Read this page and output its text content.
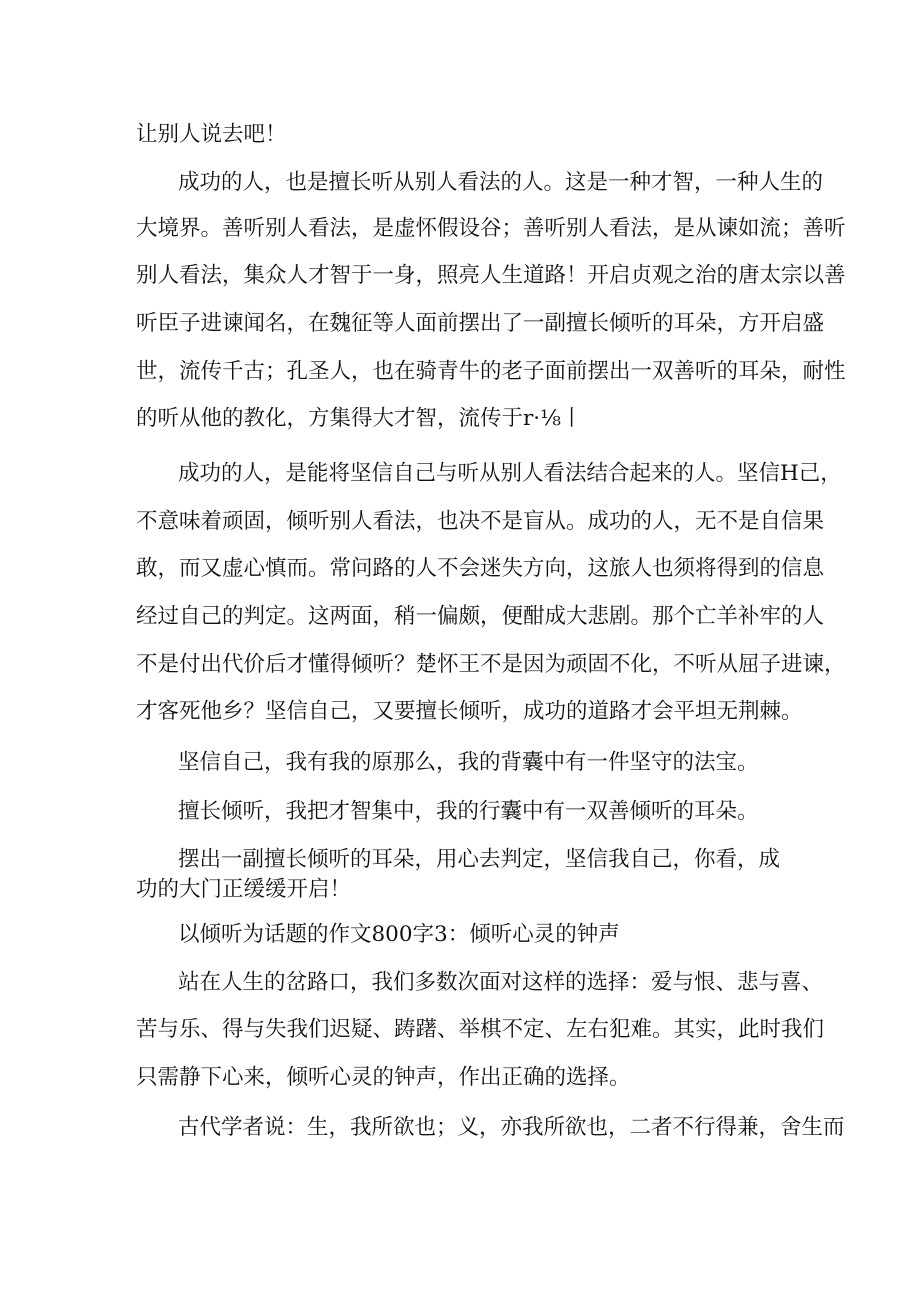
让别人说去吧！
成功的人，也是擅长听从别人看法的人。这是一种才智，一种人生的
大境界。善听别人看法，是虚怀假设谷；善听别人看法，是从谏如流；善听
别人看法，集众人才智于一身，照亮人生道路！开启贞观之治的唐太宗以善
听臣子进谏闻名，在魏征等人面前摆出了一副擅长倾听的耳朵，方开启盛
世，流传千古；孔圣人，也在骑青牛的老子面前摆出一双善听的耳朵，耐性
的听从他的教化，方集得大才智，流传于r·⅛丨
成功的人，是能将坚信自己与听从别人看法结合起来的人。坚信H己，
不意味着顽固，倾听别人看法，也决不是盲从。成功的人，无不是自信果
敢，而又虚心慎而。常问路的人不会迷失方向，这旅人也须将得到的信息
经过自己的判定。这两面，稍一偏颇，便酣成大悲剧。那个亡羊补牢的人
不是付出代价后才懂得倾听？楚怀王不是因为顽固不化，不听从屈子进谏，
才客死他乡？坚信自己，又要擅长倾听，成功的道路才会平坦无荆棘。
坚信自己，我有我的原那么，我的背囊中有一件坚守的法宝。
擅长倾听，我把才智集中，我的行囊中有一双善倾听的耳朵。
摆出一副擅长倾听的耳朵，用心去判定，坚信我自己，你看，成
功的大门正缓缓开启！
以倾听为话题的作文800字3：倾听心灵的钟声
站在人生的岔路口，我们多数次面对这样的选择：爱与恨、悲与喜、
苦与乐、得与失我们迟疑、踌躇、举棋不定、左右犯难。其实，此时我们
只需静下心来，倾听心灵的钟声，作出正确的选择。
古代学者说：生，我所欲也；义，亦我所欲也，二者不行得兼，舍生而
